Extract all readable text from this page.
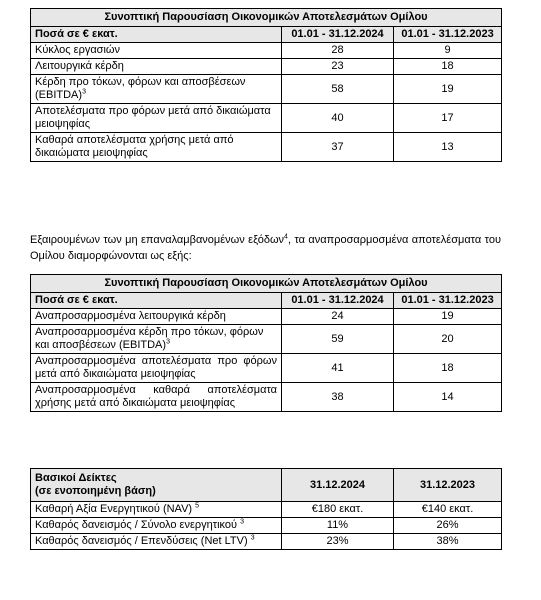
Συνοπτική Παρουσίαση Οικονομικών Αποτελεσμάτων Ομίλου		
Ποσά σε € εκατ.	01.01 - 31.12.2024	01.01 - 31.12.2023
Κύκλος εργασιών	28	9
Λειτουργικά κέρδη	23	18
Κέρδη προ τόκων, φόρων και αποσβέσεων (EBITDA)$^3$	58	19
Αποτελέσματα προ φόρων μετά από δικαιώματα μειοψηφίας	40	17
Καθαρά αποτελέσματα χρήσης μετά από δικαιώματα μειοψηφίας	37	13
Εξαιρουμένων των μη επαναλαμβανομένων εξόδων$^4$, τα αναπροσαρμοσμένα αποτελέσματα του Ομίλου διαμορφώνονται ως εξής:
Συνοπτική Παρουσίαση Οικονομικών Αποτελεσμάτων Ομίλου		
Ποσά σε € εκατ.	01.01 - 31.12.2024	01.01 - 31.12.2023
Αναπροσαρμοσμένα λειτουργικά κέρδη	24	19
Αναπροσαρμοσμένα κέρδη προ τόκων, φόρων και αποσβέσεων (EBITDA)$^3$	59	20
Αναπροσαρμοσμένα αποτελέσματα προ φόρων μετά από δικαιώματα μειοψηφίας	41	18
Αναπροσαρμοσμένα καθαρά αποτελέσματα χρήσης μετά από δικαιώματα μειοψηφίας	38	14
Βασικοί Δείκτες
(σε ενοποιημένη βάση)	31.12.2024	31.12.2023
Καθαρή Αξία Ενεργητικού (NAV) $^5$	€180 εκατ.	€140 εκατ.
Καθαρός δανεισμός / Σύνολο ενεργητικού $^3$	11%	26%
Καθαρός δανεισμός / Επενδύσεις (Net LTV) $^3$	23%	38%
